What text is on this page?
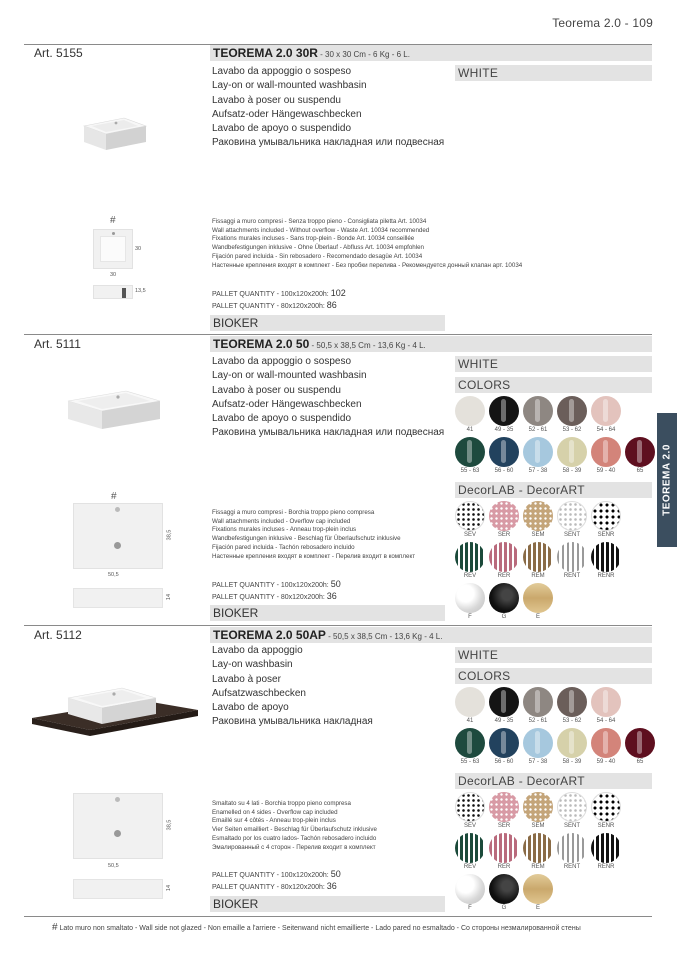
Teorema 2.0 - 109
TEOREMA 2.0
Art. 5155	TEOREMA 2.0 30R - 30 x 30 Cm - 6 Kg - 6 L.
WHITE
Lavabo da appoggio o sospeso
Lay-on or wall-mounted washbasin
Lavabo à poser ou suspendu
Aufsatz-oder Hängewaschbecken
Lavabo de apoyo o suspendido
Раковина умывальника накладная или подвесная
#
30
30
13,5
Fissaggi a muro compresi - Senza troppo pieno - Consigliata piletta Art. 10034
Wall attachments included - Without overflow - Waste Art. 10034 recommended
Fixations murales incluses - Sans trop-plein - Bonde Art. 10034 conseillée
Wandbefestigungen inklusive - Ohne Überlauf - Abfluss Art. 10034 empfohlen
Fijación pared incluida - Sin rebosadero - Recomendado desagüe Art. 10034
Настенные крепления входят в комплект - Без пробки перелива - Рекомендуется донный клапан арт. 10034
PALLET QUANTITY - 100x120x200h: 102
PALLET QUANTITY - 80x120x200h: 86
BIOKER
Art. 5111	TEOREMA 2.0 50 - 50,5 x 38,5 Cm - 13,6 Kg - 4 L.
Lavabo da appoggio o sospeso
Lay-on or wall-mounted washbasin
Lavabo à poser ou suspendu
Aufsatz-oder Hängewaschbecken
Lavabo de apoyo o suspendido
Раковина умывальника накладная или подвесная
WHITE
COLORS
41	49 - 35	52 - 61	53 - 62	54 - 64
55 - 63	56 - 60	57 - 38	58 - 39	59 - 40	65
DecorLAB - DecorART
SEV	SER	SEM	SENT	SENR
REV	RER	REM	RENT	RENR
F	G	E
#
38,5
50,5
14
Fissaggi a muro compresi - Borchia troppo pieno compresa
Wall attachments included - Overflow cap included
Fixations murales incluses - Anneau trop-plein inclus
Wandbefestigungen inklusive - Beschlag für Überlaufschutz inklusive
Fijación pared incluida - Tachón rebosadero incluido
Настенные крепления входят в комплект - Перелив входит в комплект
PALLET QUANTITY - 100x120x200h: 50
PALLET QUANTITY - 80x120x200h: 36
BIOKER
Art. 5112	TEOREMA 2.0 50AP - 50,5 x 38,5 Cm - 13,6 Kg - 4 L.
Lavabo da appoggio
Lay-on washbasin
Lavabo à poser
Aufsatzwaschbecken
Lavabo de apoyo
Раковина умывальника накладная
WHITE
COLORS
41	49 - 35	52 - 61	53 - 62	54 - 64
55 - 63	56 - 60	57 - 38	58 - 39	59 - 40	65
DecorLAB - DecorART
SEV	SER	SEM	SENT	SENR
REV	RER	REM	RENT	RENR
F	G	E
38,5
50,5
14
Smaltato su 4 lati - Borchia troppo pieno compresa
Enamelled on 4 sides - Overflow cap included
Emaillé sur 4 côtés - Anneau trop-plein inclus
Vier Seiten emailliert - Beschlag für Überlaufschutz inklusive
Esmaltado por los cuatro lados- Tachón rebosadero incluido
Эмалированный с 4 сторон - Перелив входит в комплект
PALLET QUANTITY - 100x120x200h: 50
PALLET QUANTITY - 80x120x200h: 36
BIOKER
# Lato muro non smaltato - Wall side not glazed - Non emaille a l'arriere - Seitenwand nicht emaillierte - Lado pared no esmaltado - Со стороны незмалированной стены
